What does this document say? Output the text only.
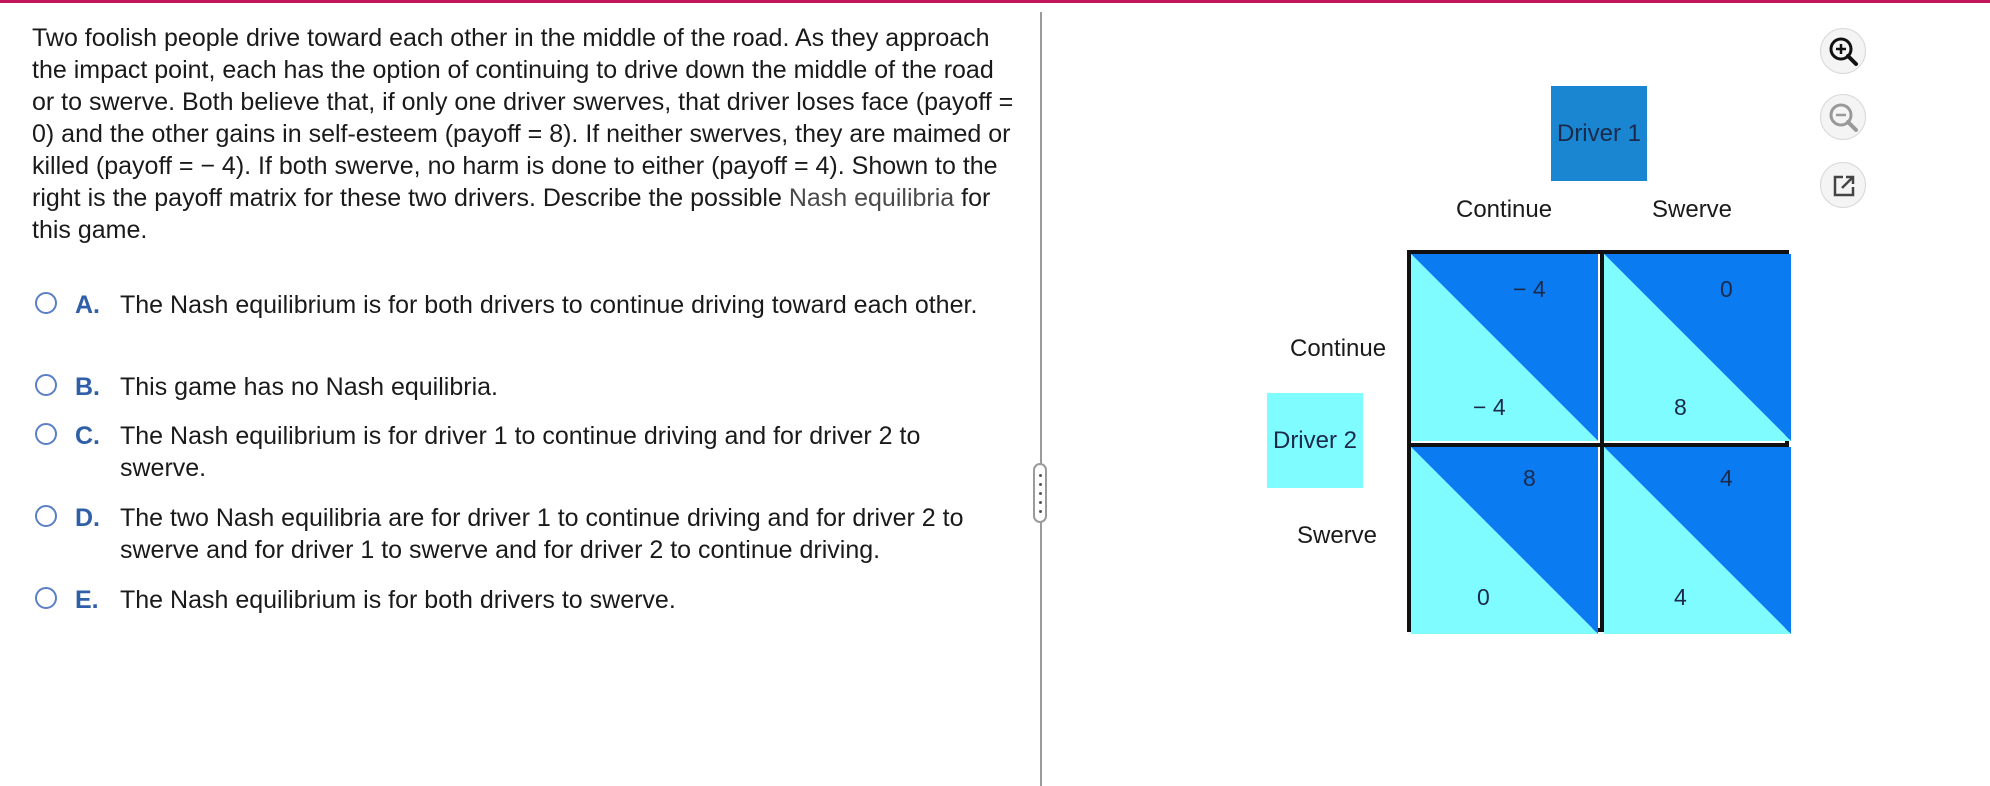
Two foolish people drive toward each other in the middle of the road. As they approach the impact point, each has the option of continuing to drive down the middle of the road or to swerve. Both believe that, if only one driver swerves, that driver loses face (payoff = 0) and the other gains in self-esteem (payoff = 8). If neither swerves, they are maimed or killed (payoff = − 4). If both swerve, no harm is done to either (payoff = 4). Shown to the right is the payoff matrix for these two drivers. Describe the possible Nash equilibria for this game.

A. The Nash equilibrium is for both drivers to continue driving toward each other.
B. This game has no Nash equilibria.
C. The Nash equilibrium is for driver 1 to continue driving and for driver 2 to swerve.
D. The two Nash equilibria are for driver 1 to continue driving and for driver 2 to swerve and for driver 1 to swerve and for driver 2 to continue driving.
E. The Nash equilibrium is for both drivers to swerve.
Driver 1
Continue	Swerve
Driver 2
Continue
Swerve
− 4
− 4
0
8
8
0
4
4
